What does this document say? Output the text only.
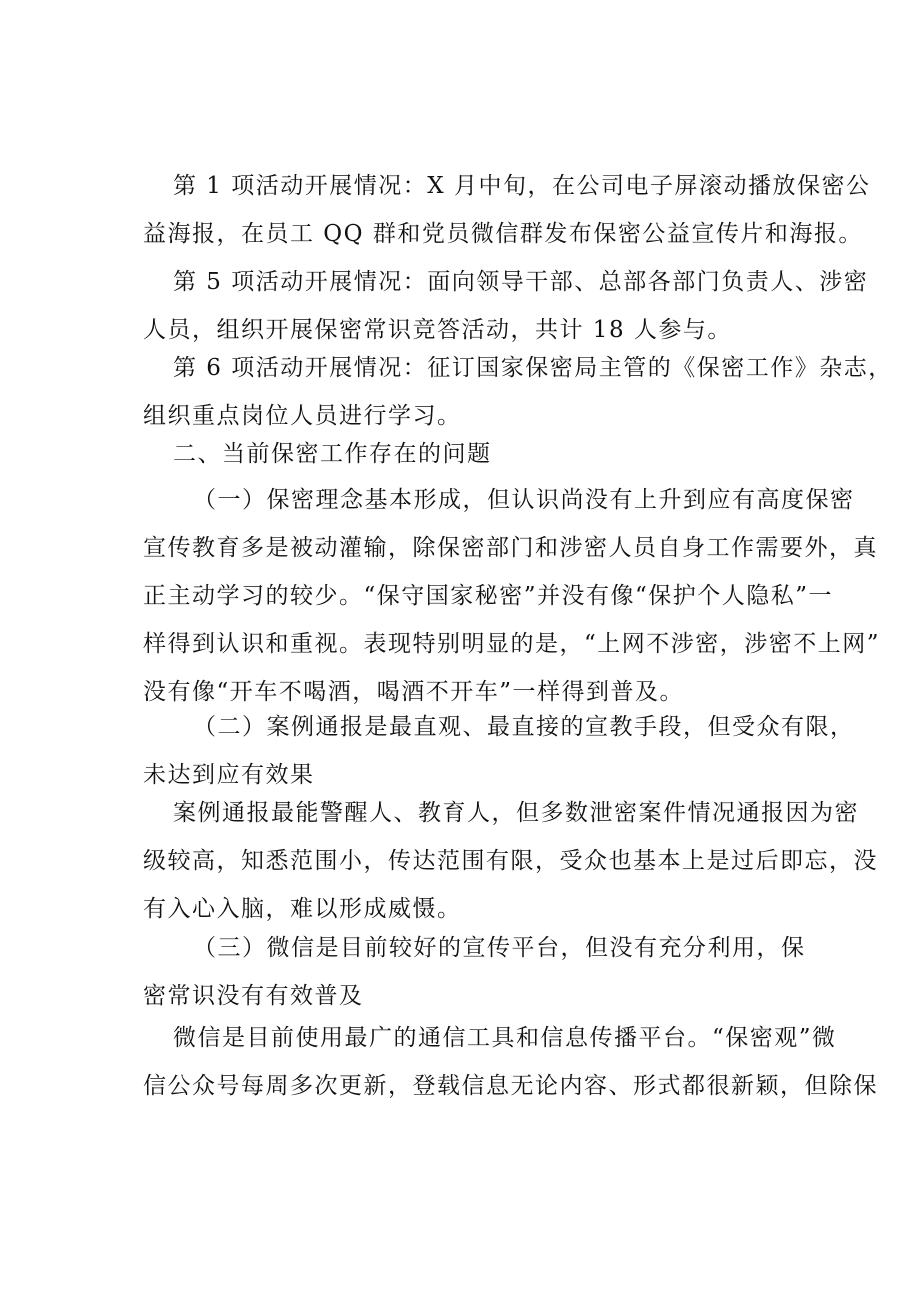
第 1 项活动开展情况：X 月中旬，在公司电子屏滚动播放保密公
益海报，在员工 QQ 群和党员微信群发布保密公益宣传片和海报。
第 5 项活动开展情况：面向领导干部、总部各部门负责人、涉密
人员，组织开展保密常识竞答活动，共计 18 人参与。
第 6 项活动开展情况：征订国家保密局主管的《保密工作》杂志，
组织重点岗位人员进行学习。
二、当前保密工作存在的问题
（一）保密理念基本形成，但认识尚没有上升到应有高度保密
宣传教育多是被动灌输，除保密部门和涉密人员自身工作需要外，真
正主动学习的较少。“保守国家秘密”并没有像“保护个人隐私”一
样得到认识和重视。表现特别明显的是，“上网不涉密，涉密不上网”
没有像“开车不喝酒，喝酒不开车”一样得到普及。
（二）案例通报是最直观、最直接的宣教手段，但受众有限，
未达到应有效果
案例通报最能警醒人、教育人，但多数泄密案件情况通报因为密
级较高，知悉范围小，传达范围有限，受众也基本上是过后即忘，没
有入心入脑，难以形成威慑。
（三）微信是目前较好的宣传平台，但没有充分利用，保
密常识没有有效普及
微信是目前使用最广的通信工具和信息传播平台。“保密观”微
信公众号每周多次更新，登载信息无论内容、形式都很新颖，但除保
